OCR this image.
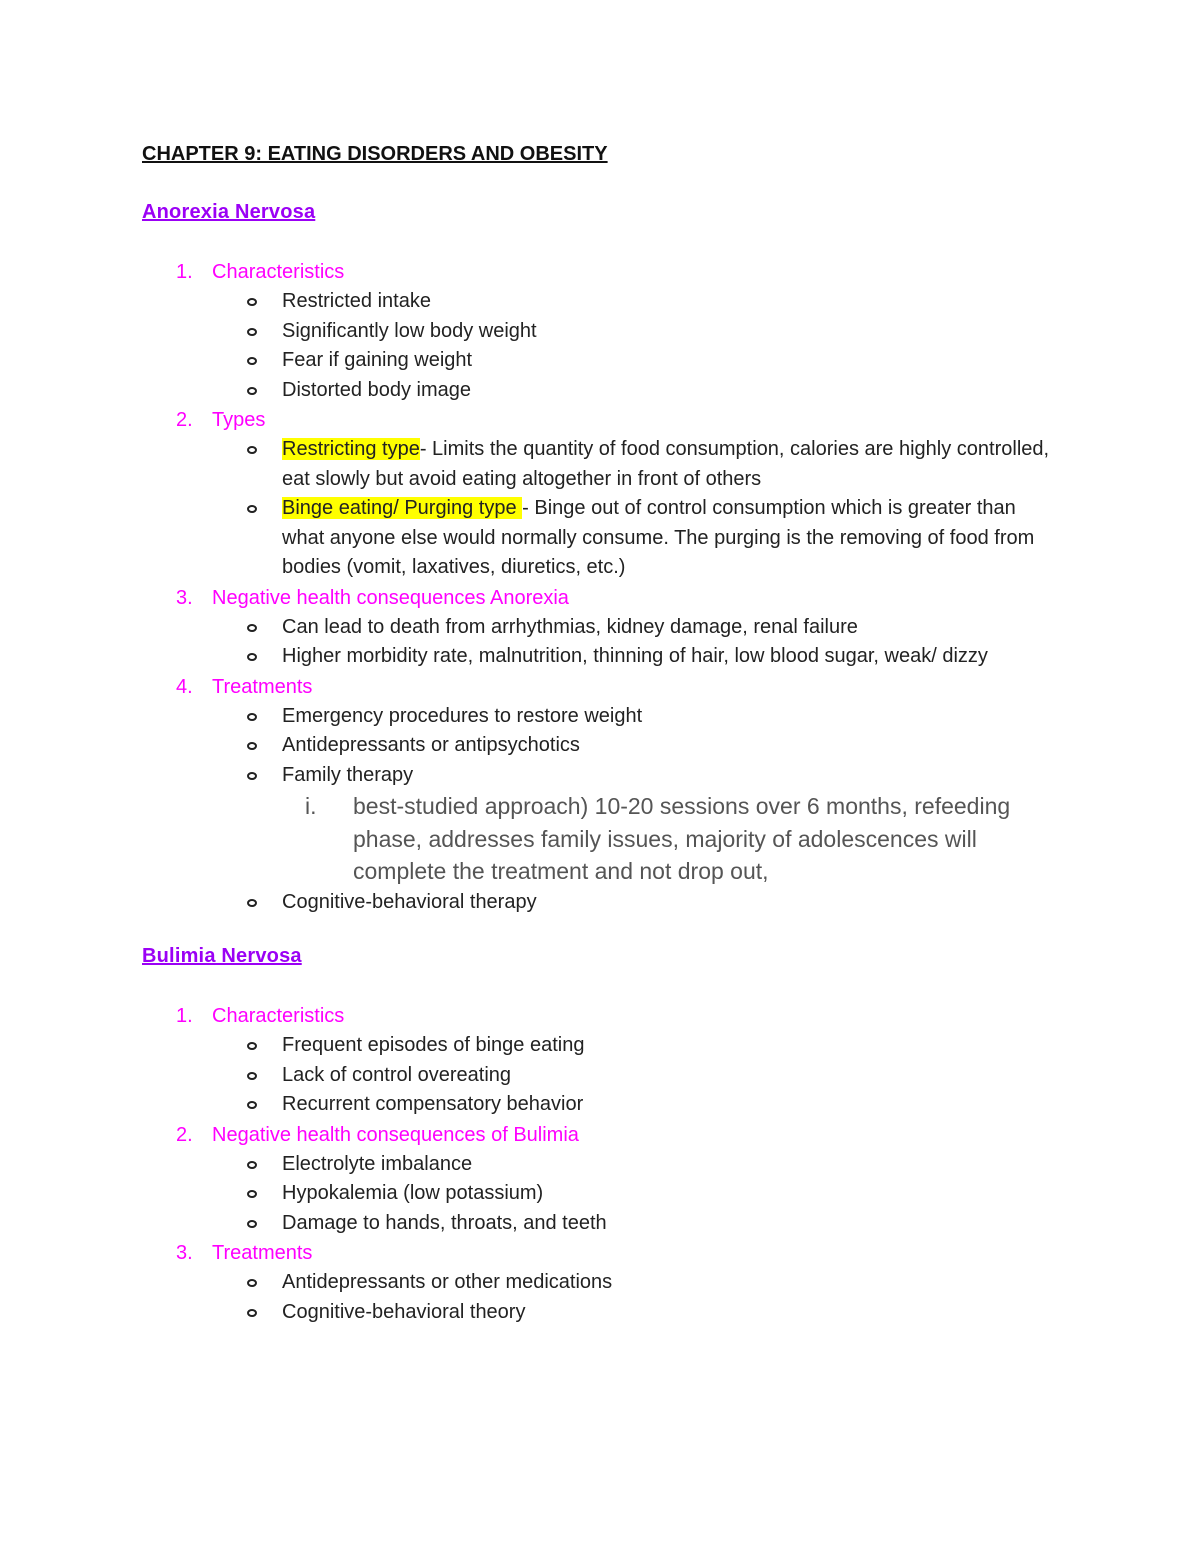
CHAPTER 9: EATING DISORDERS AND OBESITY
Anorexia Nervosa
1. Characteristics
Restricted intake
Significantly low body weight
Fear if gaining weight
Distorted body image
2. Types
Restricting type- Limits the quantity of food consumption, calories are highly controlled, eat slowly but avoid eating altogether in front of others
Binge eating/ Purging type - Binge out of control consumption which is greater than what anyone else would normally consume. The purging is the removing of food from bodies (vomit, laxatives, diuretics, etc.)
3. Negative health consequences Anorexia
Can lead to death from arrhythmias, kidney damage, renal failure
Higher morbidity rate, malnutrition, thinning of hair, low blood sugar, weak/ dizzy
4. Treatments
Emergency procedures to restore weight
Antidepressants or antipsychotics
Family therapy
i. best-studied approach) 10-20 sessions over 6 months, refeeding phase, addresses family issues, majority of adolescences will complete the treatment and not drop out,
Cognitive-behavioral therapy
Bulimia Nervosa
1. Characteristics
Frequent episodes of binge eating
Lack of control overeating
Recurrent compensatory behavior
2. Negative health consequences of Bulimia
Electrolyte imbalance
Hypokalemia (low potassium)
Damage to hands, throats, and teeth
3. Treatments
Antidepressants or other medications
Cognitive-behavioral theory
